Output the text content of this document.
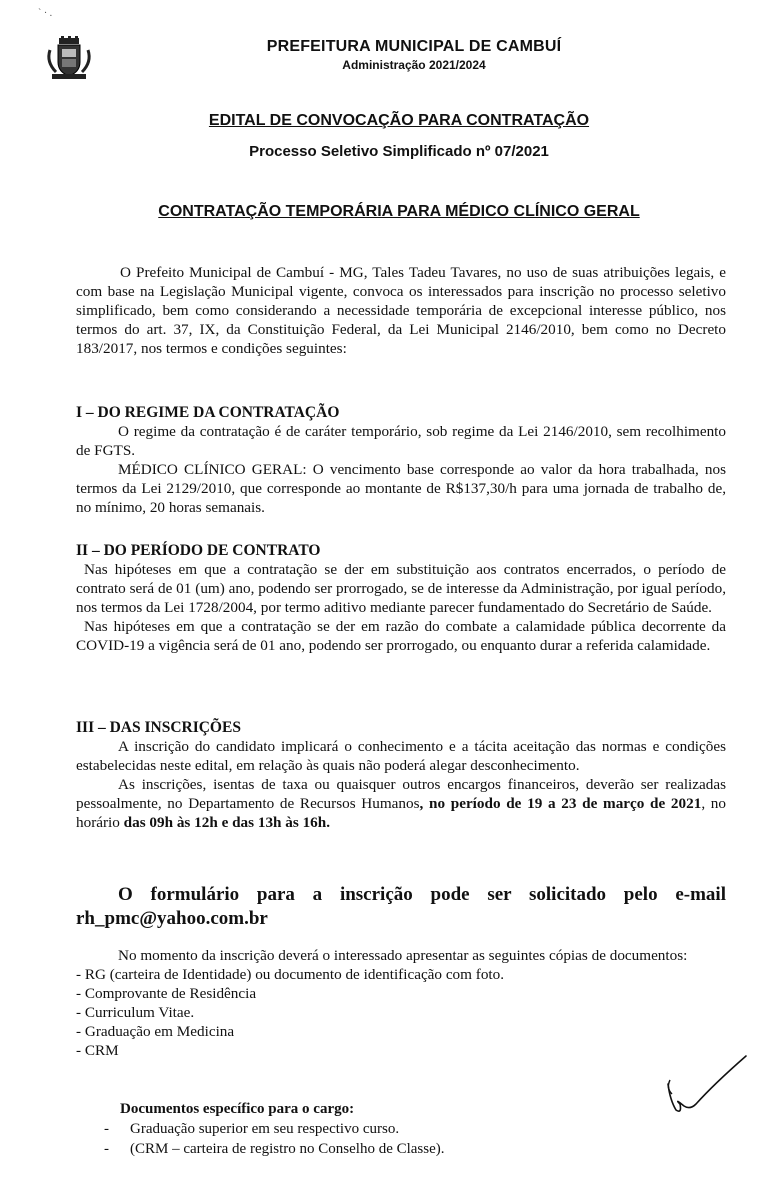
` · .
PREFEITURA MUNICIPAL DE CAMBUÍ
Administração 2021/2024
EDITAL DE CONVOCAÇÃO PARA CONTRATAÇÃO
Processo Seletivo Simplificado nº 07/2021
CONTRATAÇÃO TEMPORÁRIA PARA MÉDICO CLÍNICO GERAL

O Prefeito Municipal de Cambuí - MG, Tales Tadeu Tavares, no uso de suas atribuições legais, e com base na Legislação Municipal vigente, convoca os interessados para inscrição no processo seletivo simplificado, bem como considerando a necessidade temporária de excepcional interesse público, nos termos do art. 37, IX, da Constituição Federal, da Lei Municipal 2146/2010, bem como no Decreto 183/2017, nos termos e condições seguintes:

I – DO REGIME DA CONTRATAÇÃO

O regime da contratação é de caráter temporário, sob regime da Lei 2146/2010, sem recolhimento de FGTS.

MÉDICO CLÍNICO GERAL: O vencimento base corresponde ao valor da hora trabalhada, nos termos da Lei 2129/2010, que corresponde ao montante de R$137,30/h para uma jornada de trabalho de, no mínimo, 20 horas semanais.

II – DO PERÍODO DE CONTRATO

Nas hipóteses em que a contratação se der em substituição aos contratos encerrados, o período de contrato será de 01 (um) ano, podendo ser prorrogado, se de interesse da Administração, por igual período, nos termos da Lei 1728/2004, por termo aditivo mediante parecer fundamentado do Secretário de Saúde.

Nas hipóteses em que a contratação se der em razão do combate a calamidade pública decorrente da COVID-19 a vigência será de 01 ano, podendo ser prorrogado, ou enquanto durar a referida calamidade.

III – DAS INSCRIÇÕES

A inscrição do candidato implicará o conhecimento e a tácita aceitação das normas e condições estabelecidas neste edital, em relação às quais não poderá alegar desconhecimento.

As inscrições, isentas de taxa ou quaisquer outros encargos financeiros, deverão ser realizadas pessoalmente, no Departamento de Recursos Humanos, no período de 19 a 23 de março de 2021, no horário das 09h às 12h e das 13h às 16h.

O formulário para a inscrição pode ser solicitado pelo e-mail rh_pmc@yahoo.com.br

No momento da inscrição deverá o interessado apresentar as seguintes cópias de documentos:

- RG (carteira de Identidade) ou documento de identificação com foto.
- Comprovante de Residência
- Curriculum Vitae.
- Graduação em Medicina
- CRM
Documentos específico para o cargo:
- Graduação superior em seu respectivo curso.
- (CRM – carteira de registro no Conselho de Classe).
